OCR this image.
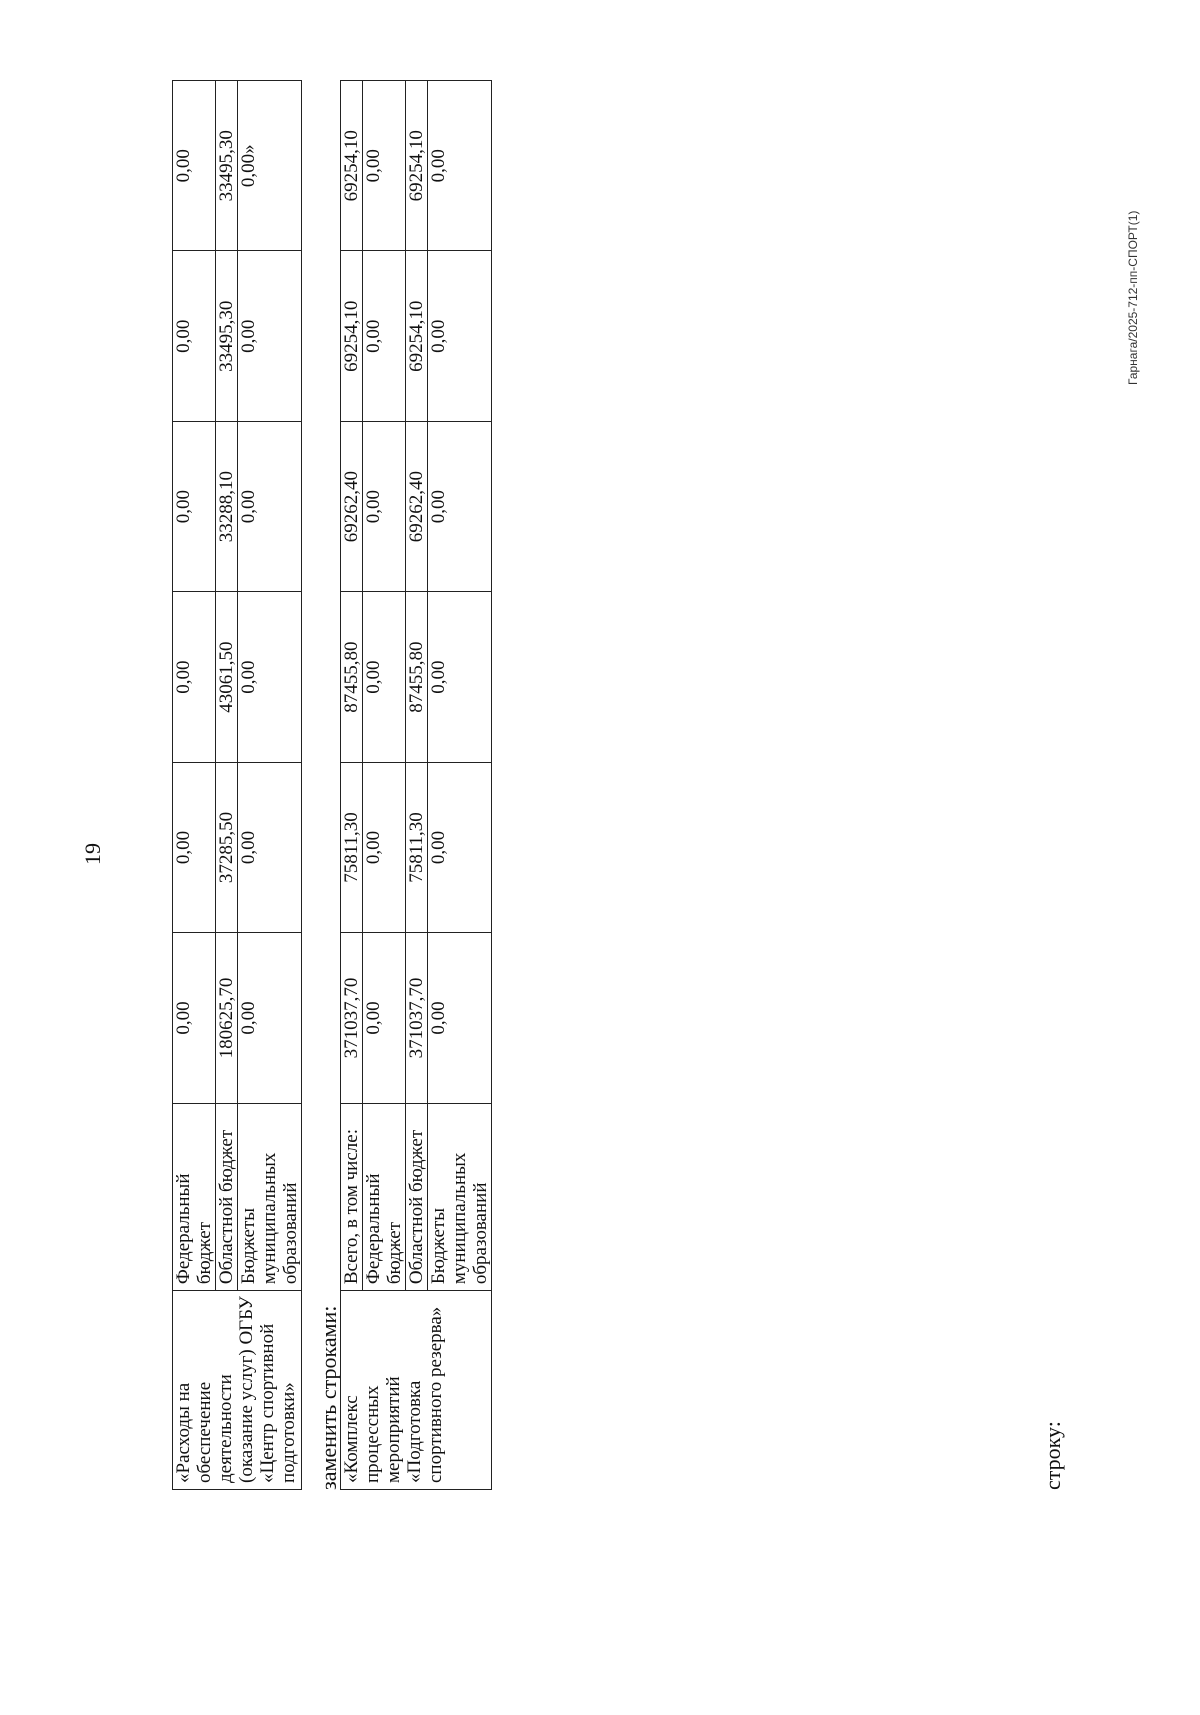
19
«Расходы на обеспечение деятельности (оказание услуг) ОГБУ «Центр спортивной подготовки»	Федеральный бюджет	0,00	0,00	0,00	0,00	0,00	0,00
	Областной бюджет	180625,70	37285,50	43061,50	33288,10	33495,30	33495,30
	Бюджеты муниципальных образований	0,00	0,00	0,00	0,00	0,00	0,00»
заменить строками: «Комплекс процессных мероприятий «Подготовка спортивного резерва»	Всего, в том числе:	371037,70	75811,30	87455,80	69262,40	69254,10	69254,10
	Федеральный бюджет	0,00	0,00	0,00	0,00	0,00	0,00
	Областной бюджет	371037,70	75811,30	87455,80	69262,40	69254,10	69254,10
	Бюджеты муниципальных образований	0,00	0,00	0,00	0,00	0,00	0,00
строку:
Гарнага/2025-712-пп-СПОРТ(1)
